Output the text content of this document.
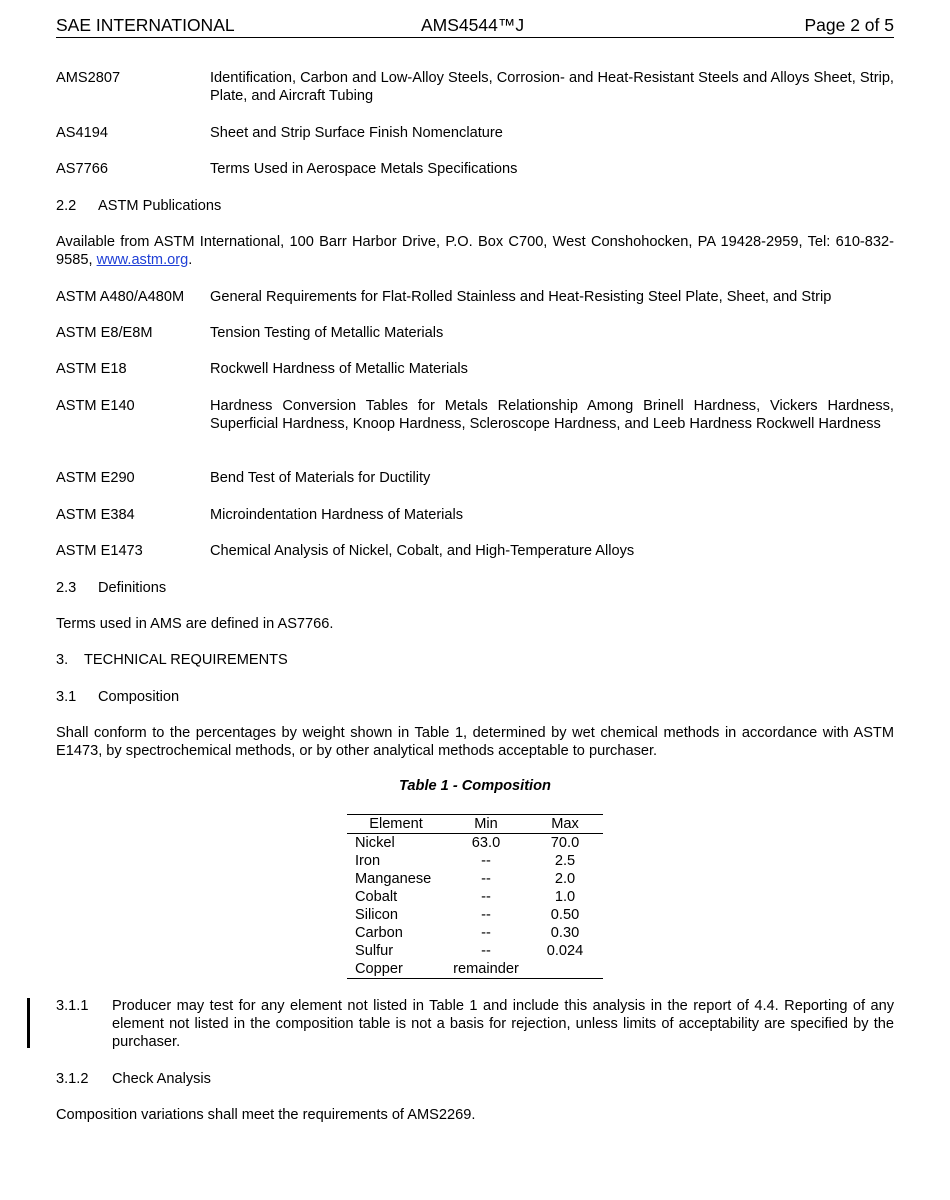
SAE INTERNATIONAL	AMS4544™J	Page 2 of 5
AMS2807	Identification, Carbon and Low-Alloy Steels, Corrosion- and Heat-Resistant Steels and Alloys Sheet, Strip, Plate, and Aircraft Tubing
AS4194	Sheet and Strip Surface Finish Nomenclature
AS7766	Terms Used in Aerospace Metals Specifications
2.2 ASTM Publications
Available from ASTM International, 100 Barr Harbor Drive, P.O. Box C700, West Conshohocken, PA 19428-2959, Tel: 610-832-9585, www.astm.org.
ASTM A480/A480M General Requirements for Flat-Rolled Stainless and Heat-Resisting Steel Plate, Sheet, and Strip
ASTM E8/E8M	Tension Testing of Metallic Materials
ASTM E18	Rockwell Hardness of Metallic Materials
ASTM E140	Hardness Conversion Tables for Metals Relationship Among Brinell Hardness, Vickers Hardness, Superficial Hardness, Knoop Hardness, Scleroscope Hardness, and Leeb Hardness Rockwell Hardness
ASTM E290	Bend Test of Materials for Ductility
ASTM E384	Microindentation Hardness of Materials
ASTM E1473	Chemical Analysis of Nickel, Cobalt, and High-Temperature Alloys
2.3 Definitions
Terms used in AMS are defined in AS7766.
3. TECHNICAL REQUIREMENTS
3.1 Composition
Shall conform to the percentages by weight shown in Table 1, determined by wet chemical methods in accordance with ASTM E1473, by spectrochemical methods, or by other analytical methods acceptable to purchaser.
Table 1 - Composition
Element	Min	Max
Nickel	63.0	70.0
Iron	--	2.5
Manganese	--	2.0
Cobalt	--	1.0
Silicon	--	0.50
Carbon	--	0.30
Sulfur	--	0.024
Copper	remainder	
3.1.1 Producer may test for any element not listed in Table 1 and include this analysis in the report of 4.4. Reporting of any element not listed in the composition table is not a basis for rejection, unless limits of acceptability are specified by the purchaser.
3.1.2 Check Analysis
Composition variations shall meet the requirements of AMS2269.
